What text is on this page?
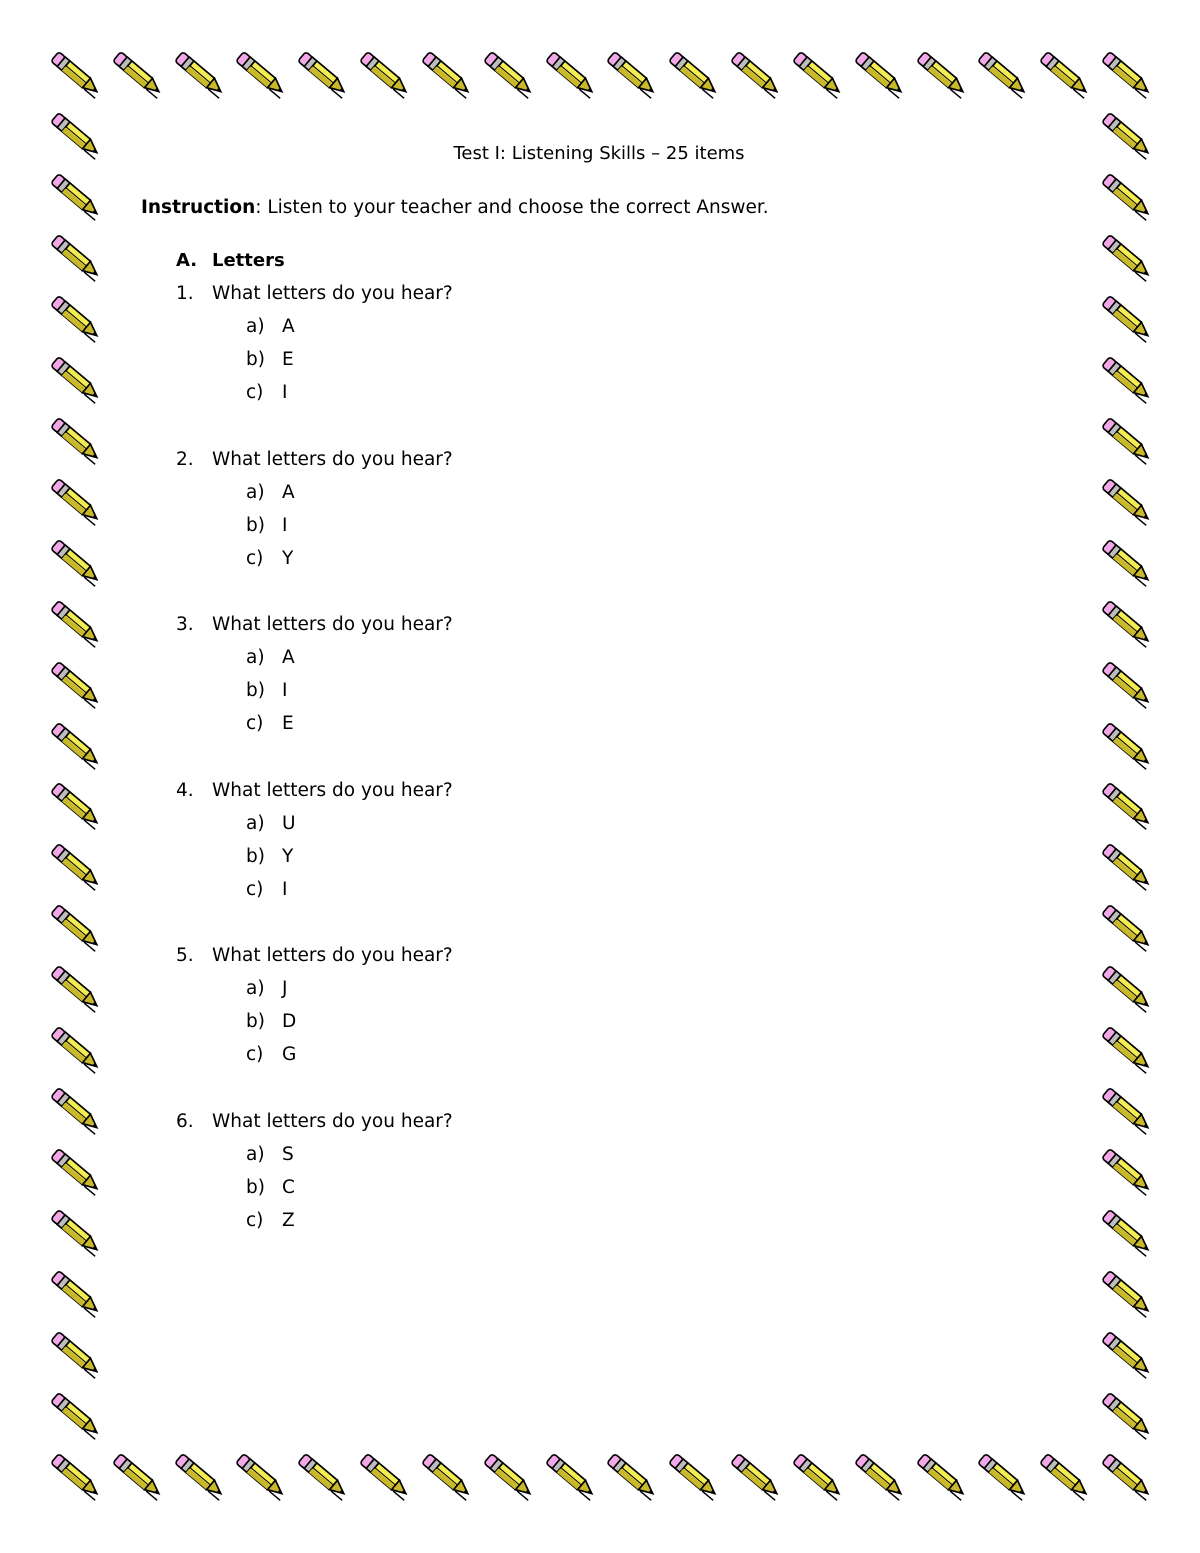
Test I: Listening Skills – 25 items
Instruction: Listen to your teacher and choose the correct Answer.
A. Letters
1. What letters do you hear?
a) A
b) E
c) I
2. What letters do you hear?
a) A
b) I
c) Y
3. What letters do you hear?
a) A
b) I
c) E
4. What letters do you hear?
a) U
b) Y
c) I
5. What letters do you hear?
a) J
b) D
c) G
6. What letters do you hear?
a) S
b) C
c) Z
